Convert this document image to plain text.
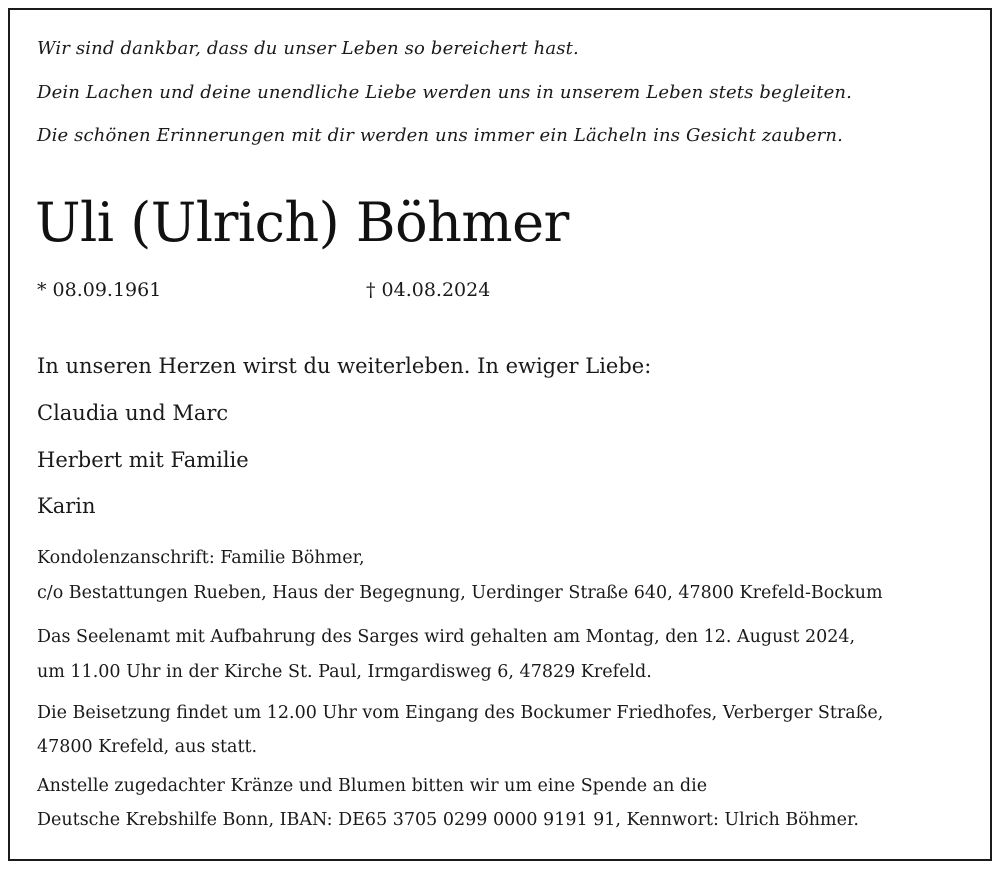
Wir sind dankbar, dass du unser Leben so bereichert hast.
Dein Lachen und deine unendliche Liebe werden uns in unserem Leben stets begleiten.
Die schönen Erinnerungen mit dir werden uns immer ein Lächeln ins Gesicht zaubern.
Uli (Ulrich) Böhmer
* 08.09.1961	† 04.08.2024
In unseren Herzen wirst du weiterleben. In ewiger Liebe:
Claudia und Marc
Herbert mit Familie
Karin
Kondolenzanschrift: Familie Böhmer,
c/o Bestattungen Rueben, Haus der Begegnung, Uerdinger Straße 640, 47800 Krefeld-Bockum
Das Seelenamt mit Aufbahrung des Sarges wird gehalten am Montag, den 12. August 2024,
um 11.00 Uhr in der Kirche St. Paul, Irmgardisweg 6, 47829 Krefeld.
Die Beisetzung findet um 12.00 Uhr vom Eingang des Bockumer Friedhofes, Verberger Straße,
47800 Krefeld, aus statt.
Anstelle zugedachter Kränze und Blumen bitten wir um eine Spende an die
Deutsche Krebshilfe Bonn, IBAN: DE65 3705 0299 0000 9191 91, Kennwort: Ulrich Böhmer.
